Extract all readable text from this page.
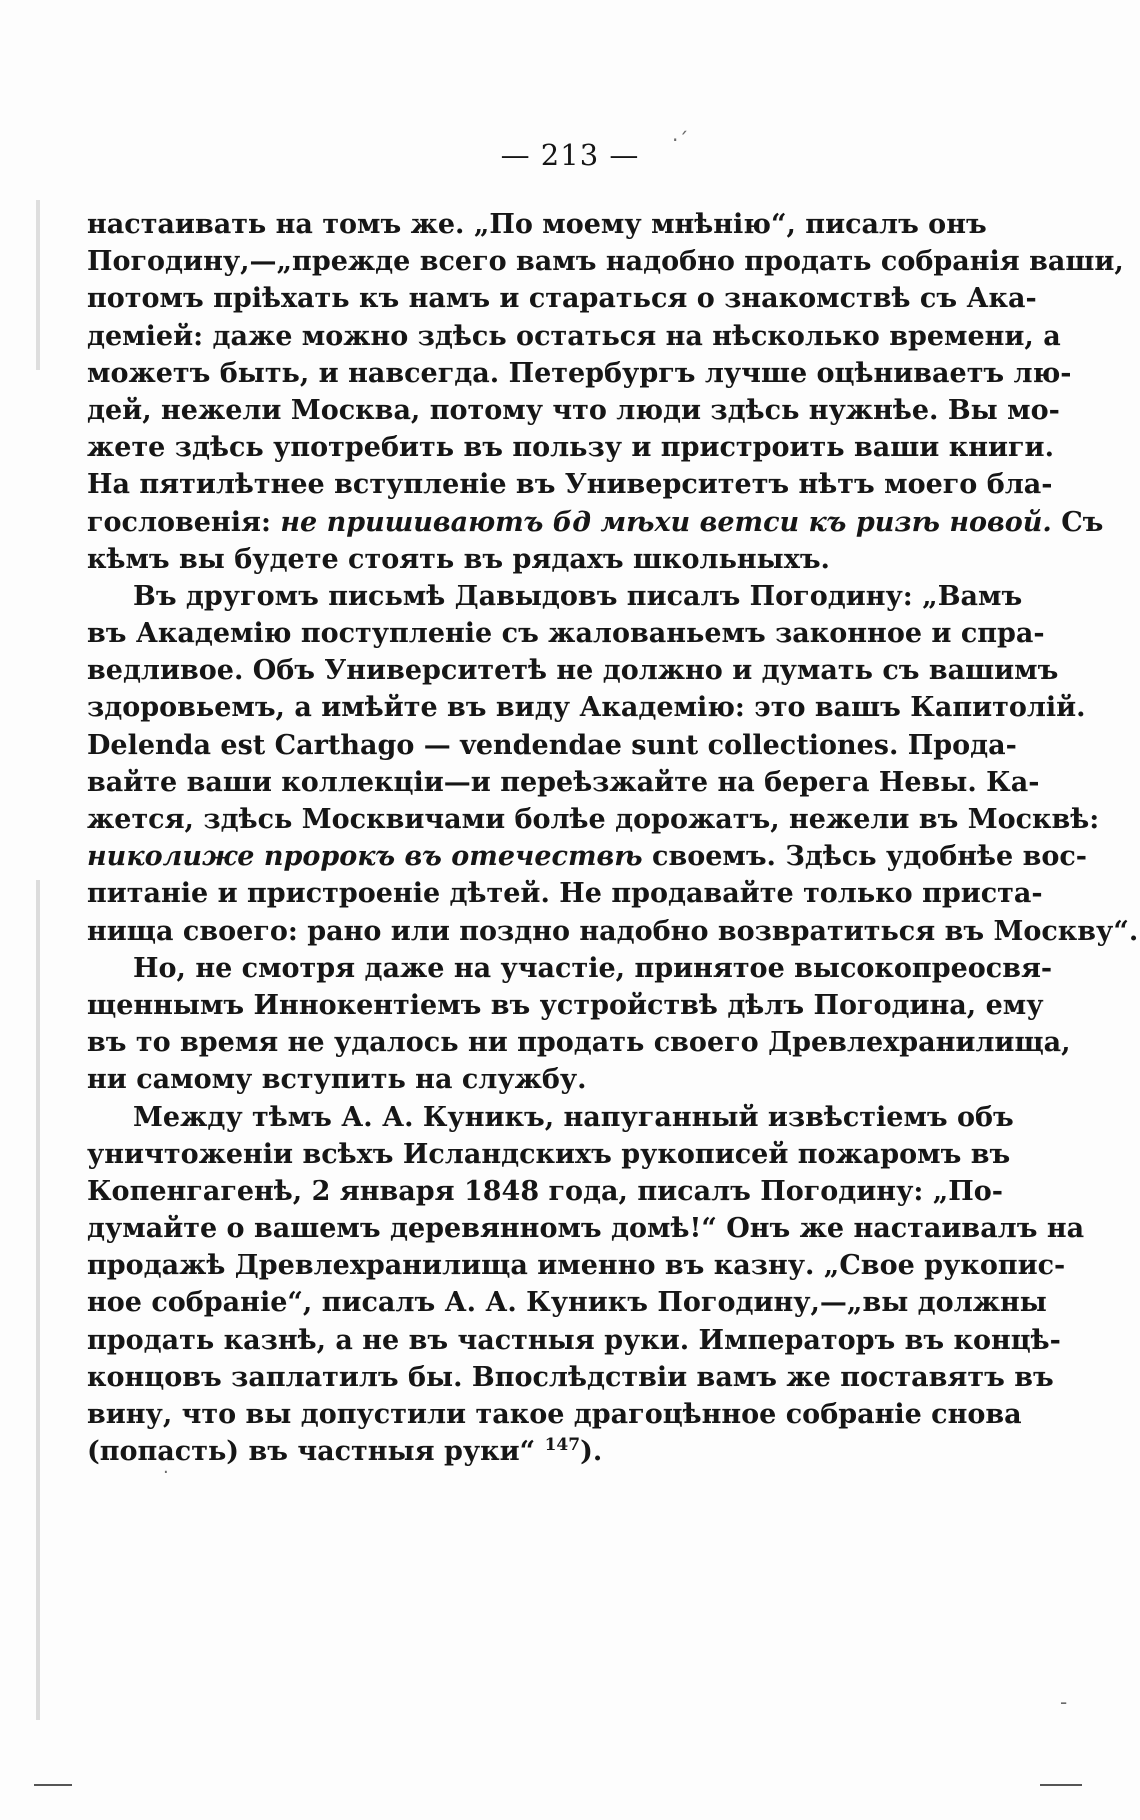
·´
·
-
— 213 —
настаивать на томъ же. „По моему мнѣнію“, писалъ онъ
Погодину,—„прежде всего вамъ надобно продать собранія ваши,
потомъ пріѣхать къ намъ и стараться о знакомствѣ съ Ака-
деміей: даже можно здѣсь остаться на нѣсколько времени, а
можетъ быть, и навсегда. Петербургъ лучше оцѣниваетъ лю-
дей, нежели Москва, потому что люди здѣсь нужнѣе. Вы мо-
жете здѣсь употребить въ пользу и пристроить ваши книги.
На пятилѣтнее вступленіе въ Университетъ нѣтъ моего бла-
гословенія: не пришиваютъ бд мѣхи ветси къ ризѣ новой. Съ
кѣмъ вы будете стоять въ рядахъ школьныхъ.
Въ другомъ письмѣ Давыдовъ писалъ Погодину: „Вамъ
въ Академію поступленіе съ жалованьемъ законное и спра-
ведливое. Объ Университетѣ не должно и думать съ вашимъ
здоровьемъ, а имѣйте въ виду Академію: это вашъ Капитолій.
Delenda est Carthago — vendendae sunt collectiones. Прода-
вайте ваши коллекціи—и переѣзжайте на берега Невы. Ка-
жется, здѣсь Москвичами болѣе дорожатъ, нежели въ Москвѣ:
николиже пророкъ въ отечествѣ своемъ. Здѣсь удобнѣе вос-
питаніе и пристроеніе дѣтей. Не продавайте только приста-
нища своего: рано или поздно надобно возвратиться въ Москву“.
Но, не смотря даже на участіе, принятое высокопреосвя-
щеннымъ Иннокентіемъ въ устройствѣ дѣлъ Погодина, ему
въ то время не удалось ни продать своего Древлехранилища,
ни самому вступить на службу.
Между тѣмъ А. А. Куникъ, напуганный извѣстіемъ объ
уничтоженіи всѣхъ Исландскихъ рукописей пожаромъ въ
Копенгагенѣ, 2 января 1848 года, писалъ Погодину: „По-
думайте о вашемъ деревянномъ домѣ!“ Онъ же настаивалъ на
продажѣ Древлехранилища именно въ казну. „Свое рукопис-
ное собраніе“, писалъ А. А. Куникъ Погодину,—„вы должны
продать казнѣ, а не въ частныя руки. Императоръ въ концѣ-
концовъ заплатилъ бы. Впослѣдствіи вамъ же поставятъ въ
вину, что вы допустили такое драгоцѣнное собраніе снова
(попасть) въ частныя руки“ $^{147}$).
